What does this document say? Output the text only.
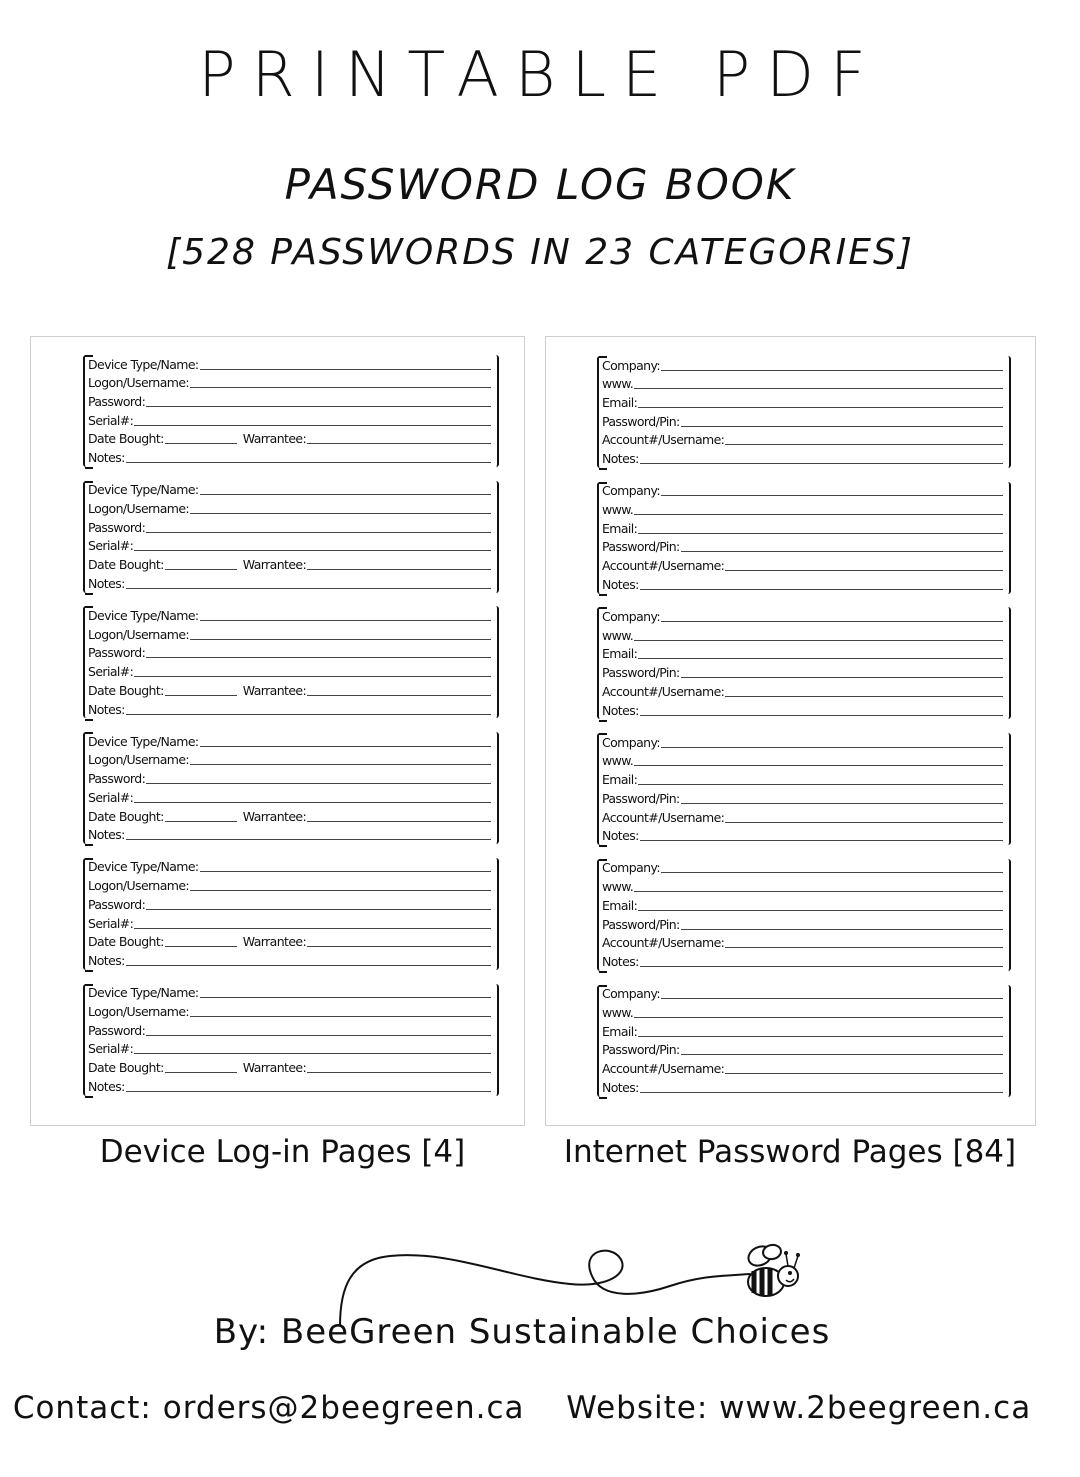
PRINTABLE PDF
PASSWORD LOG BOOK
[528 PASSWORDS IN 23 CATEGORIES]
Device Type/Name:
Logon/Username:
Password:
Serial#:
Date Bought:	Warrantee:
Notes:
Device Type/Name:
Logon/Username:
Password:
Serial#:
Date Bought:	Warrantee:
Notes:
Device Type/Name:
Logon/Username:
Password:
Serial#:
Date Bought:	Warrantee:
Notes:
Device Type/Name:
Logon/Username:
Password:
Serial#:
Date Bought:	Warrantee:
Notes:
Device Type/Name:
Logon/Username:
Password:
Serial#:
Date Bought:	Warrantee:
Notes:
Device Type/Name:
Logon/Username:
Password:
Serial#:
Date Bought:	Warrantee:
Notes:
Company:
www.
Email:
Password/Pin:
Account#/Username:
Notes:
Company:
www.
Email:
Password/Pin:
Account#/Username:
Notes:
Company:
www.
Email:
Password/Pin:
Account#/Username:
Notes:
Company:
www.
Email:
Password/Pin:
Account#/Username:
Notes:
Company:
www.
Email:
Password/Pin:
Account#/Username:
Notes:
Company:
www.
Email:
Password/Pin:
Account#/Username:
Notes:
Device Log-in Pages [4]	Internet Password Pages [84]
By: BeeGreen Sustainable Choices
Contact: orders@2beegreen.ca Website: www.2beegreen.ca
